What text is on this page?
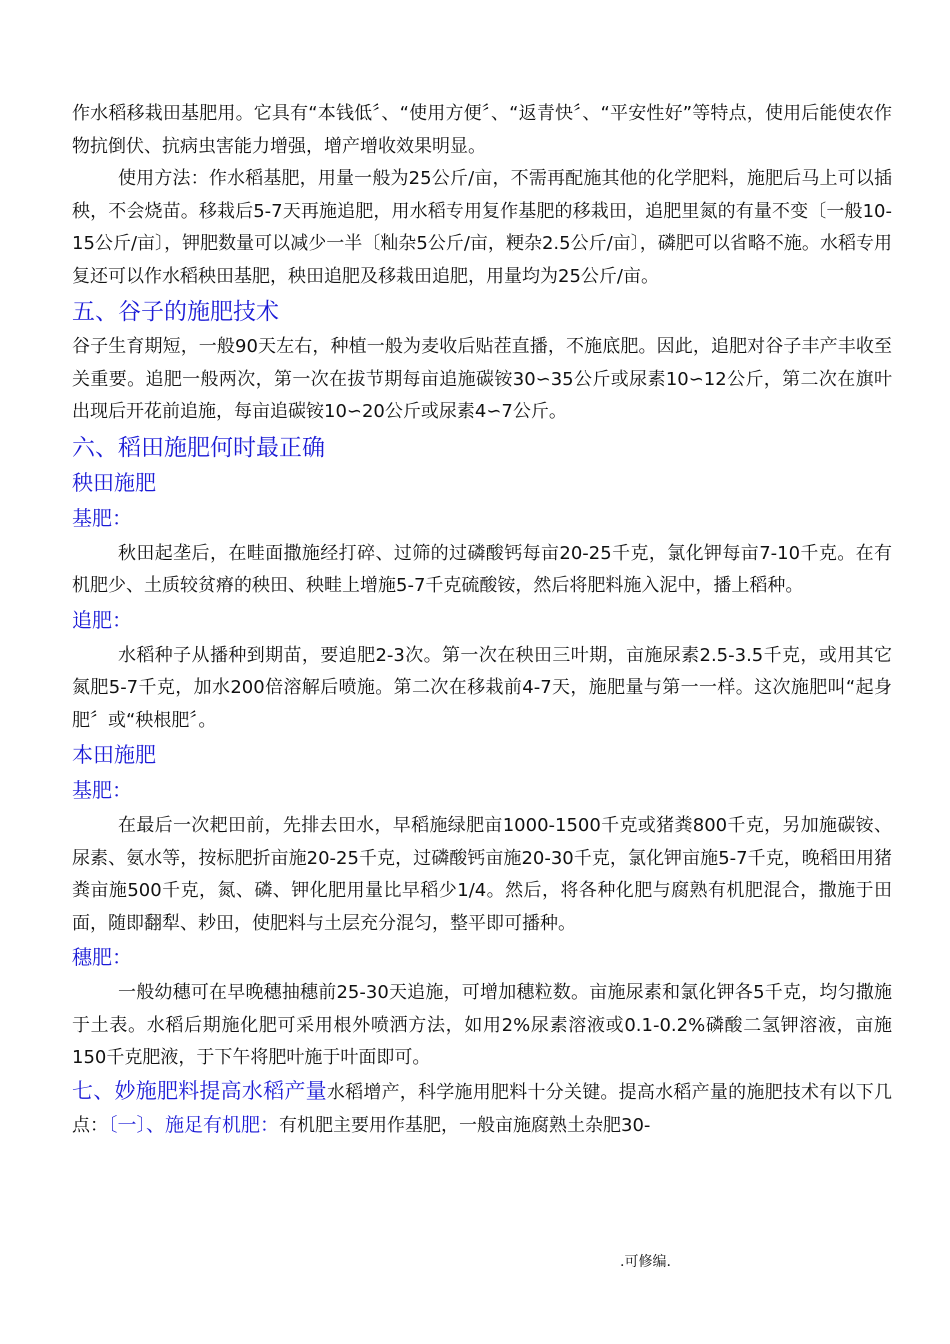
作水稻移栽田基肥用。它具有“本钱低〞、“使用方便〞、“返青快〞、“平安性好”等特点，使用后能使农作物抗倒伏、抗病虫害能力增强，增产增收效果明显。

使用方法：作水稻基肥，用量一般为25公斤/亩，不需再配施其他的化学肥料，施肥后马上可以插秧，不会烧苗。移栽后5-7天再施追肥，用水稻专用复作基肥的移栽田，追肥里氮的有量不变〔一般10-15公斤/亩〕，钾肥数量可以减少一半〔籼杂5公斤/亩，粳杂2.5公斤/亩〕，磷肥可以省略不施。水稻专用复还可以作水稻秧田基肥，秧田追肥及移栽田追肥，用量均为25公斤/亩。

五、谷子的施肥技术

谷子生育期短，一般90天左右，种植一般为麦收后贴茬直播，不施底肥。因此，追肥对谷子丰产丰收至关重要。追肥一般两次，第一次在拔节期每亩追施碳铵30∽35公斤或尿素10∽12公斤，第二次在旗叶出现后开花前追施，每亩追碳铵10∽20公斤或尿素4∽7公斤。

六、稻田施肥何时最正确
秧田施肥
基肥：

秋田起垄后，在畦面撒施经打碎、过筛的过磷酸钙每亩20-25千克，氯化钾每亩7-10千克。在有机肥少、土质较贫瘠的秧田、秧畦上增施5-7千克硫酸铵，然后将肥料施入泥中，播上稻种。

追肥：

水稻种子从播种到期苗，要追肥2-3次。第一次在秧田三叶期，亩施尿素2.5-3.5千克，或用其它氮肥5-7千克，加水200倍溶解后喷施。第二次在移栽前4-7天，施肥量与第一一样。这次施肥叫“起身肥〞或“秧根肥〞。

本田施肥
基肥：

在最后一次耙田前，先排去田水，早稻施绿肥亩1000-1500千克或猪粪800千克，另加施碳铵、尿素、氨水等，按标肥折亩施20-25千克，过磷酸钙亩施20-30千克，氯化钾亩施5-7千克，晚稻田用猪粪亩施500千克，氮、磷、钾化肥用量比早稻少1/4。然后，将各种化肥与腐熟有机肥混合，撒施于田面，随即翻犁、耖田，使肥料与土层充分混匀，整平即可播种。

穗肥：

一般幼穗可在早晚穗抽穗前25-30天追施，可增加穗粒数。亩施尿素和氯化钾各5千克，均匀撒施于土表。水稻后期施化肥可采用根外喷洒方法，如用2%尿素溶液或0.1-0.2%磷酸二氢钾溶液，亩施150千克肥液，于下午将肥叶施于叶面即可。

七、妙施肥料提高水稻产量水稻增产，科学施用肥料十分关键。提高水稻产量的施肥技术有以下几点：〔一〕、施足有机肥：有机肥主要用作基肥，一般亩施腐熟土杂肥30-

.可修编.
